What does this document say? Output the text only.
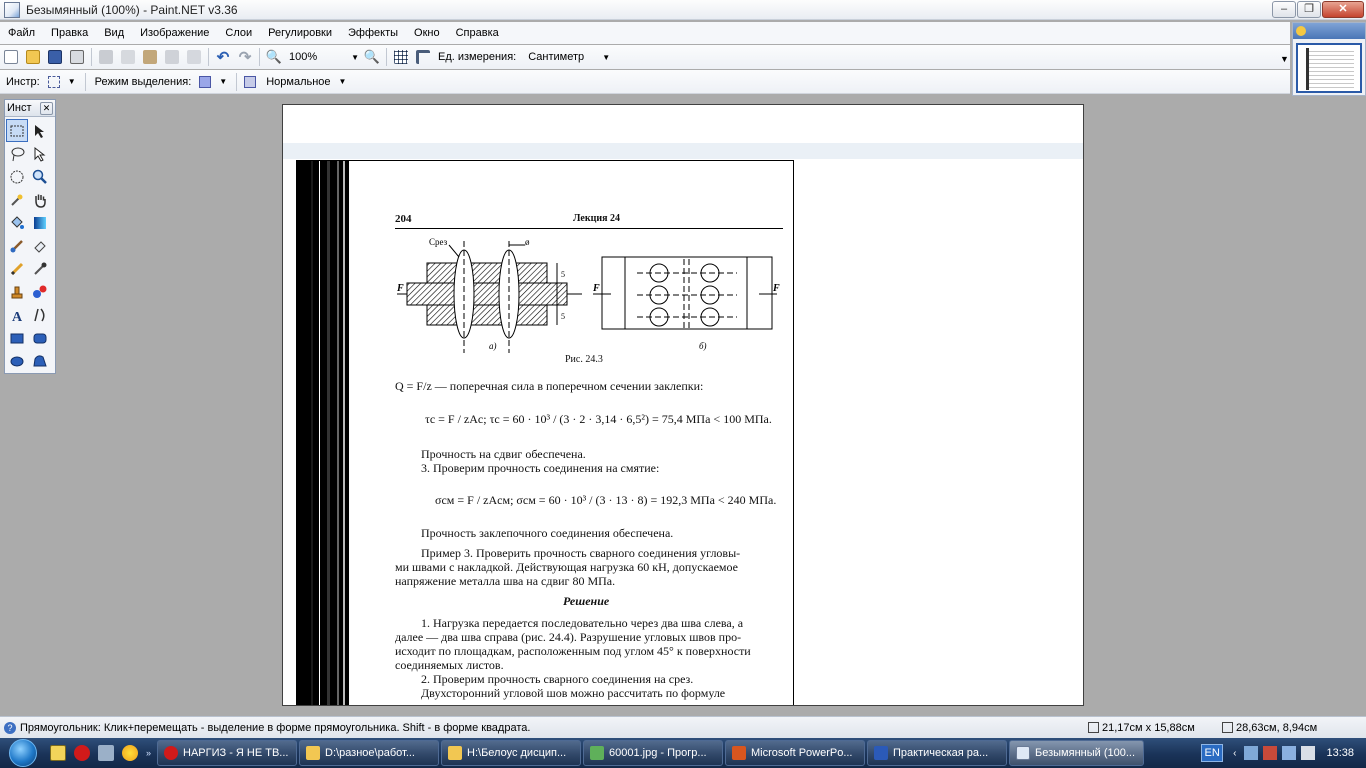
Безымянный (100%) - Paint.NET v3.36	–	❐	✕
Файл	Правка	Вид	Изображение	Слои	Регулировки	Эффекты	Окно	Справка
↶ ↷ 🔍 100%	▼ 🔍	Ед. измерения: Сантиметр ▼
Инстр:	▼ Режим выделения:	▼	Нормальное ▼
▼
204	Лекция 24
Срез	ø
F	F	F
5
5
а)	б)
Рис. 24.3
Q = F/z — поперечная сила в поперечном сечении заклепки:
τc = F / zAc; τc = 60 · 10³ / (3 · 2 · 3,14 · 6,5²) = 75,4 МПа < 100 МПа.
Прочность на сдвиг обеспечена.
3. Проверим прочность соединения на смятие:
σсм = F / zAсм; σсм = 60 · 10³ / (3 · 13 · 8) = 192,3 МПа < 240 МПа.
Прочность заклепочного соединения обеспечена.
Пример 3. Проверить прочность сварного соединения угловы-
ми швами с накладкой. Действующая нагрузка 60 кН, допускаемое
напряжение металла шва на сдвиг 80 МПа.
Решение
1. Нагрузка передается последовательно через два шва слева, а
далее — два шва справа (рис. 24.4). Разрушение угловых швов про-
исходит по площадкам, расположенным под углом 45° к поверхности
соединяемых листов.
2. Проверим прочность сварного соединения на срез.
Двухсторонний угловой шов можно рассчитать по формуле
Инст	✕
A
? Прямоугольник: Клик+перемещать - выделение в форме прямоугольника. Shift - в форме квадрата.	21,17см x 15,88см	28,63см, 8,94см
»	НАРГИЗ - Я НЕ ТВ...	D:\разное\работ...	Н:\Белоус дисцип...	60001.jpg - Прогр...	Microsoft PowerPo...	Практическая ра...	Безымянный (100...	EN	‹	13:38
